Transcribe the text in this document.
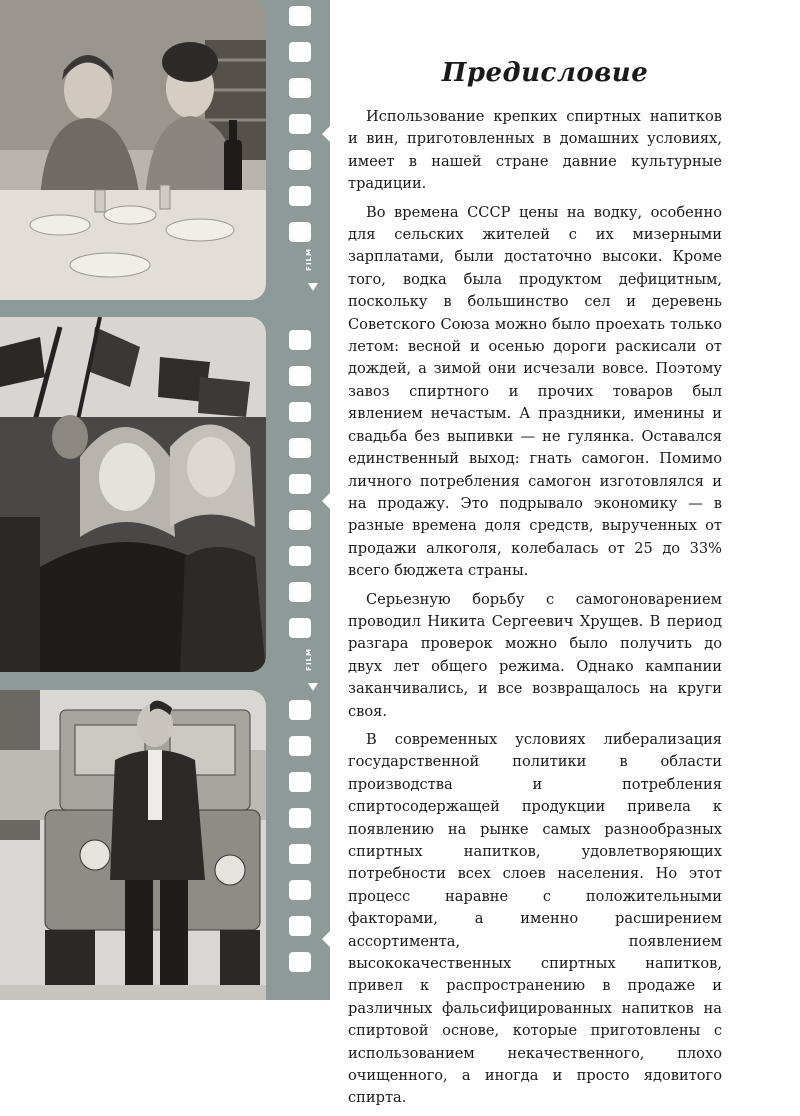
FILM
FILM
Предисловие

Использование крепких спиртных напитков и вин, приготовленных в домашних условиях, имеет в нашей стране давние культурные традиции.

Во времена СССР цены на водку, особенно для сельских жителей с их мизерными зарплатами, были достаточно высоки. Кроме того, водка была продуктом дефицитным, поскольку в большинство сел и деревень Советского Союза можно было проехать только летом: весной и осенью дороги раскисали от дождей, а зимой они исчезали вовсе. Поэтому завоз спиртного и прочих товаров был явлением нечастым. А праздники, именины и свадьба без выпивки — не гулянка. Оставался единственный выход: гнать самогон. Помимо личного потребления самогон изготовлялся и на продажу. Это подрывало экономику — в разные времена доля средств, вырученных от продажи алкоголя, колебалась от 25 до 33% всего бюджета страны.

Серьезную борьбу с самогоноварением проводил Никита Сергеевич Хрущев. В период разгара проверок можно было получить до двух лет общего режима. Однако кампании заканчивались, и все возвращалось на круги своя.

В современных условиях либерализация государственной политики в области производства и потребления спиртосодержащей продукции привела к появлению на рынке самых разнообразных спиртных напитков, удовлетворяющих потребности всех слоев населения. Но этот процесс наравне с положительными факторами, а именно расширением ассортимента, появлением высококачественных спиртных напитков, привел к распространению в продаже и различных фальсифицированных напитков на спиртовой основе, которые приготовлены с использованием некачественного, плохо очищенного, а иногда и просто ядовитого спирта.
